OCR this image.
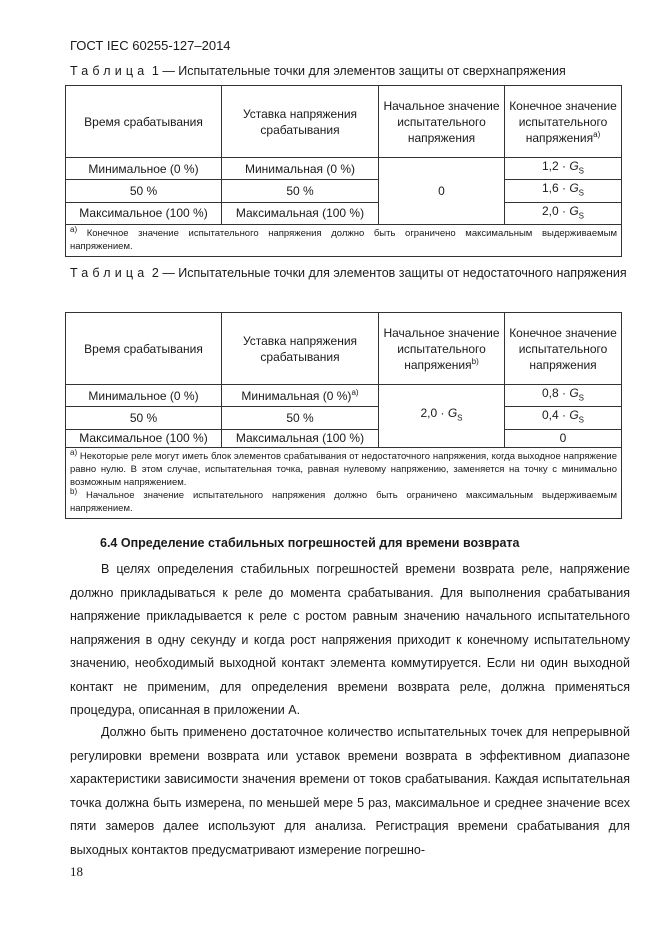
ГОСТ IEC 60255-127–2014
Таблица 1 — Испытательные точки для элементов защиты от сверхнапряжения
Время срабатывания	Уставка напряжения срабатывания	Начальное значение испытательного напряжения	Конечное значение испытательного напряжения$^{a)}$
Минимальное (0 %)	Минимальная (0 %)	0	$1,2 \cdot G_S$
50 %	50 %		$1,6 \cdot G_S$
Максимальное (100 %)	Максимальная (100 %)		$2,0 \cdot G_S$
$^{a)}$ Конечное значение испытательного напряжения должно быть ограничено максимальным выдерживаемым напряжением.			
Таблица 2 — Испытательные точки для элементов защиты от недостаточного напряжения
Время срабатывания	Уставка напряжения срабатывания	Начальное значение испытательного напряжения$^{b)}$	Конечное значение испытательного напряжения
Минимальное (0 %)	Минимальная (0 %)$^{a)}$	$2,0 \cdot G_S$	$0,8 \cdot G_S$
50 %	50 %		$0,4 \cdot G_S$
Максимальное (100 %)	Максимальная (100 %)		0

$^{a)}$ Некоторые реле могут иметь блок элементов срабатывания от недостаточного напряжения, когда выходное напряжение равно нулю. В этом случае, испытательная точка, равная нулевому напряжению, заменяется на точку с минимально возможным напряжением.
$^{b)}$ Начальное значение испытательного напряжения должно быть ограничено максимальным выдерживаемым напряжением.			
6.4 Определение стабильных погрешностей для времени возврата
В целях определения стабильных погрешностей времени возврата реле, напряжение должно прикладываться к реле до момента срабатывания. Для выполнения срабатывания напряжение прикладывается к реле с ростом равным значению начального испытательного напряжения в одну секунду и когда рост напряжения приходит к конечному испытательному значению, необходимый выходной контакт элемента коммутируется. Если ни один выходной контакт не применим, для определения времени возврата реле, должна применяться процедура, описанная в приложении А.
Должно быть применено достаточное количество испытательных точек для непрерывной регулировки времени возврата или уставок времени возврата в эффективном диапазоне характеристики зависимости значения времени от токов срабатывания. Каждая испытательная точка должна быть измерена, по меньшей мере 5 раз, максимальное и среднее значение всех пяти замеров далее используют для анализа. Регистрация времени срабатывания для выходных контактов предусматривают измерение погрешно-
18
